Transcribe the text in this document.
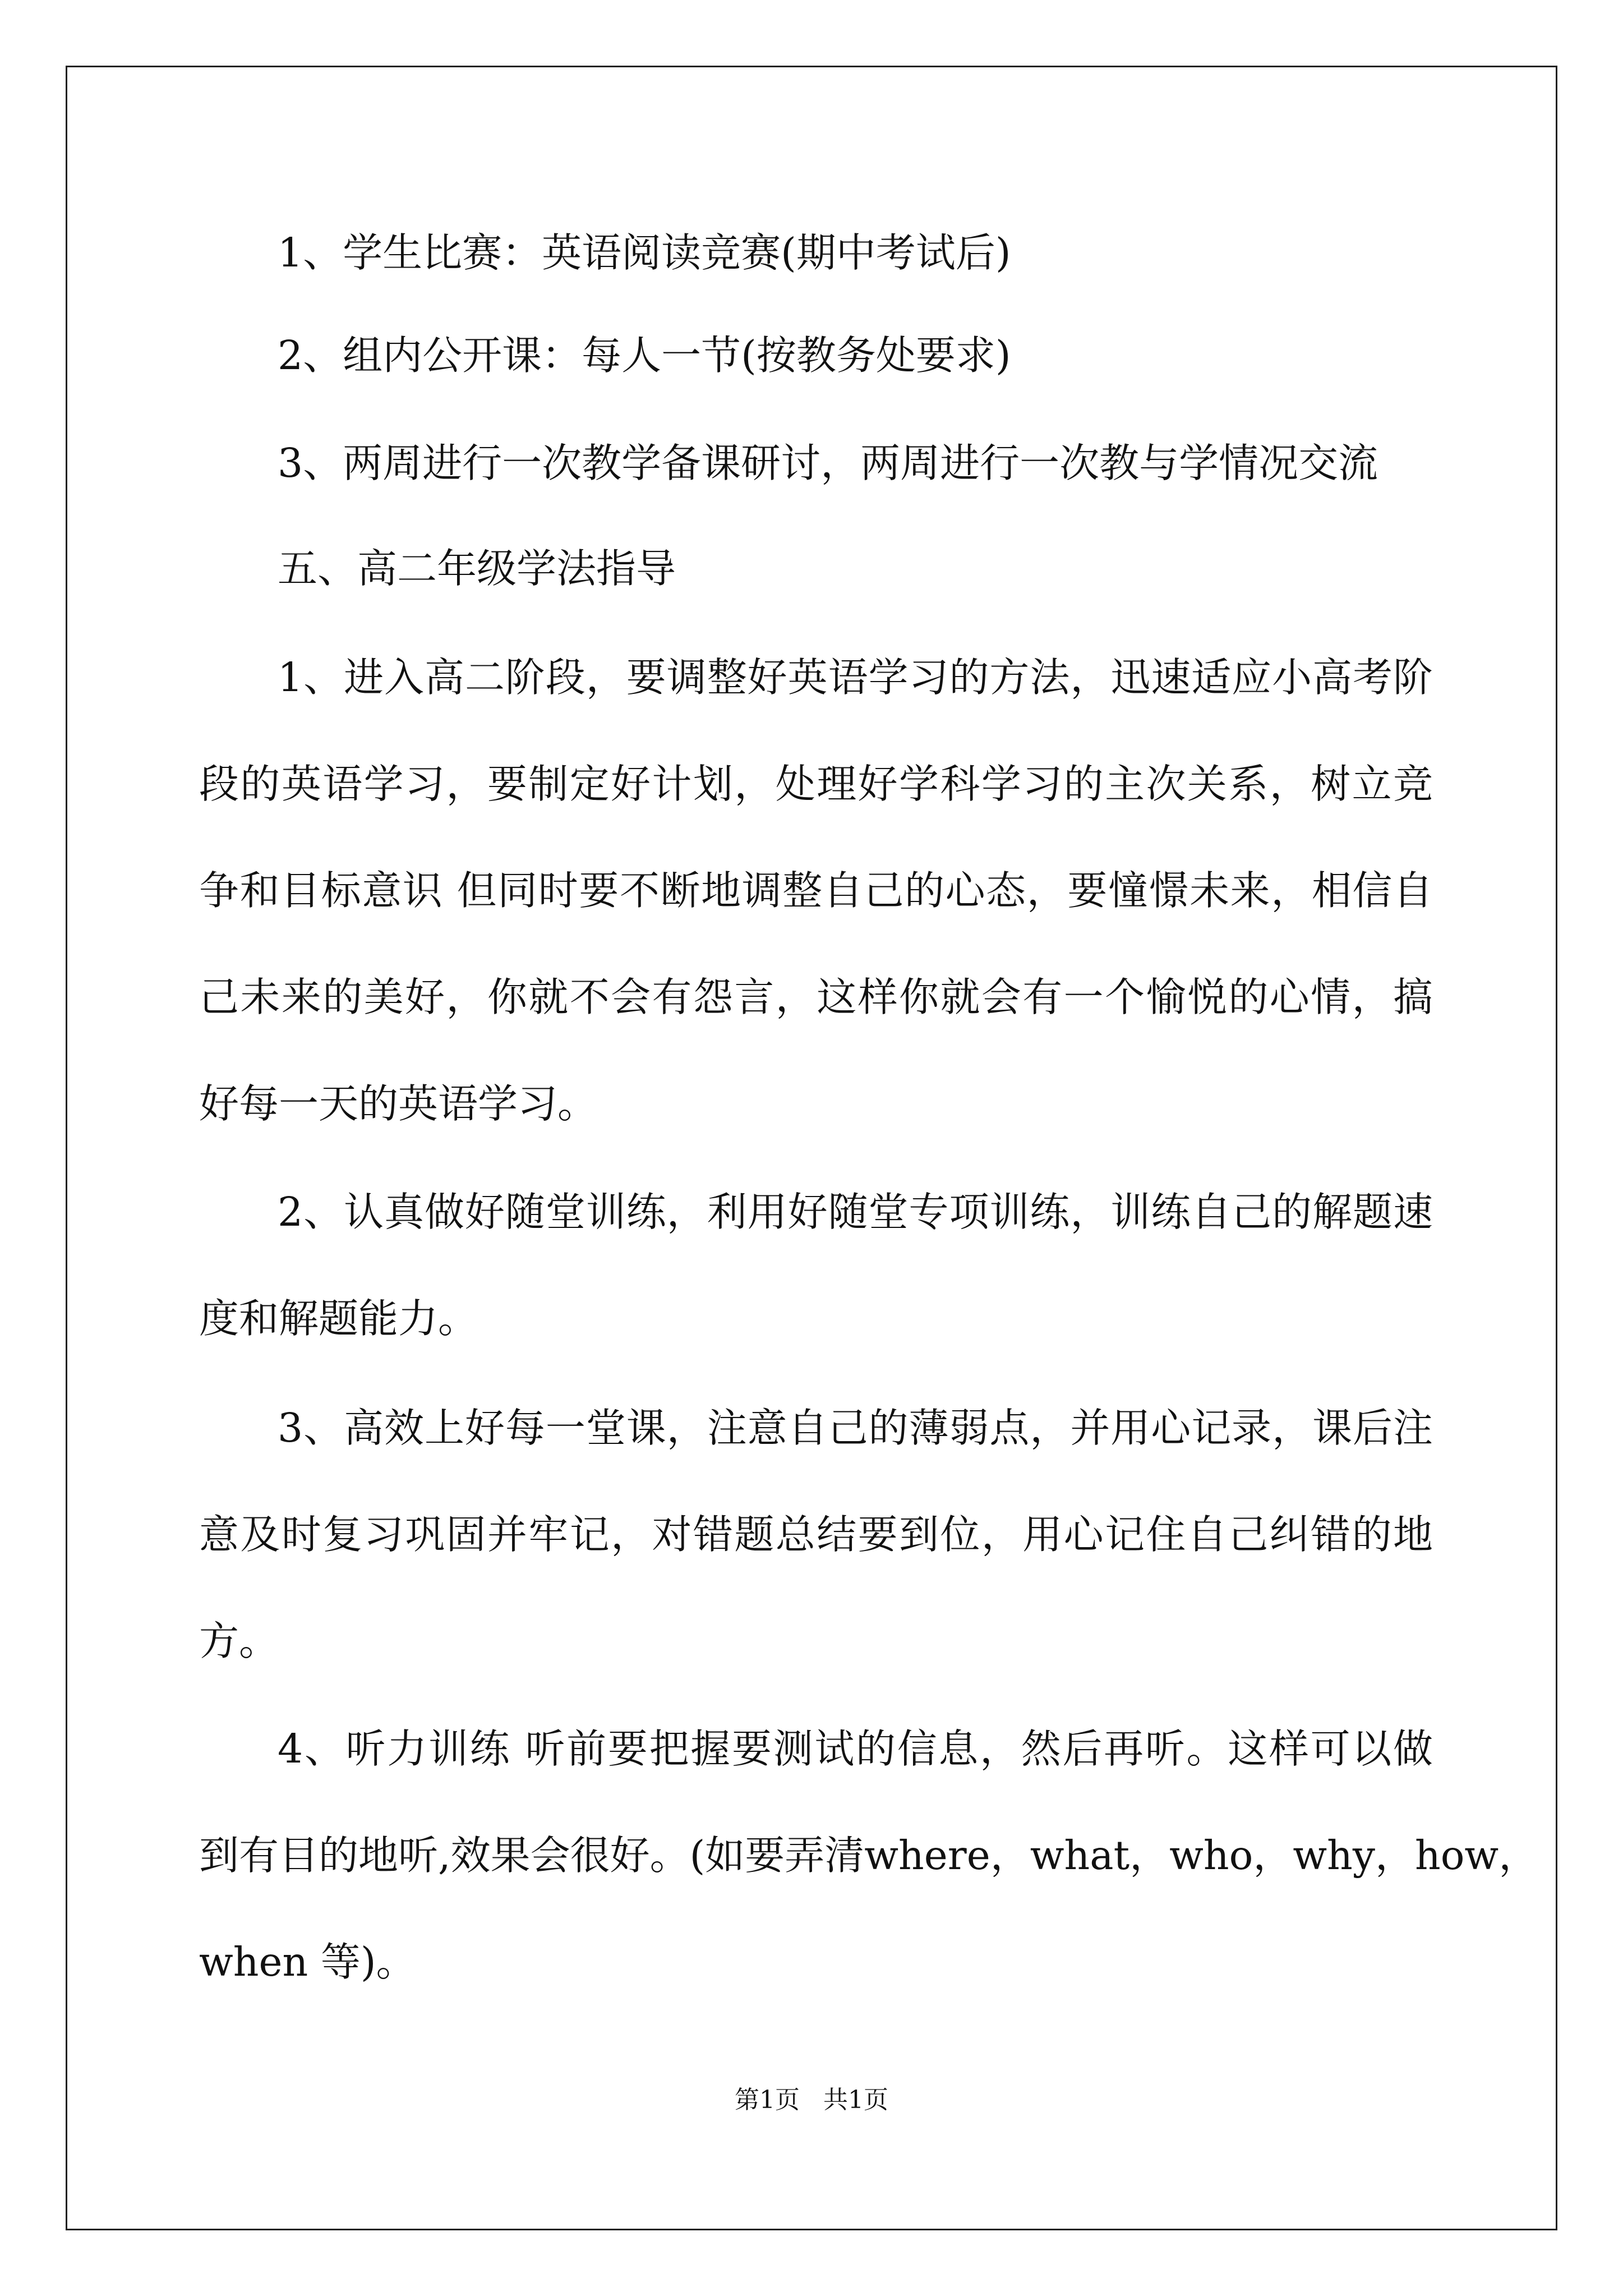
1、学生比赛：英语阅读竞赛(期中考试后)
2、组内公开课：每人一节(按教务处要求)
3、两周进行一次教学备课研讨，两周进行一次教与学情况交流
五、高二年级学法指导
1、进入高二阶段，要调整好英语学习的方法，迅速适应小高考阶
段的英语学习，要制定好计划，处理好学科学习的主次关系，树立竞
争和目标意识 但同时要不断地调整自己的心态，要憧憬未来，相信自
己未来的美好，你就不会有怨言，这样你就会有一个愉悦的心情，搞
好每一天的英语学习。
2、认真做好随堂训练，利用好随堂专项训练，训练自己的解题速
度和解题能力。
3、高效上好每一堂课，注意自己的薄弱点，并用心记录，课后注
意及时复习巩固并牢记，对错题总结要到位，用心记住自己纠错的地
方。
4、听力训练 听前要把握要测试的信息，然后再听。这样可以做
到有目的地听,效果会很好。(如要弄清where，what，who，why，how，
when 等)。
第1页   共1页
